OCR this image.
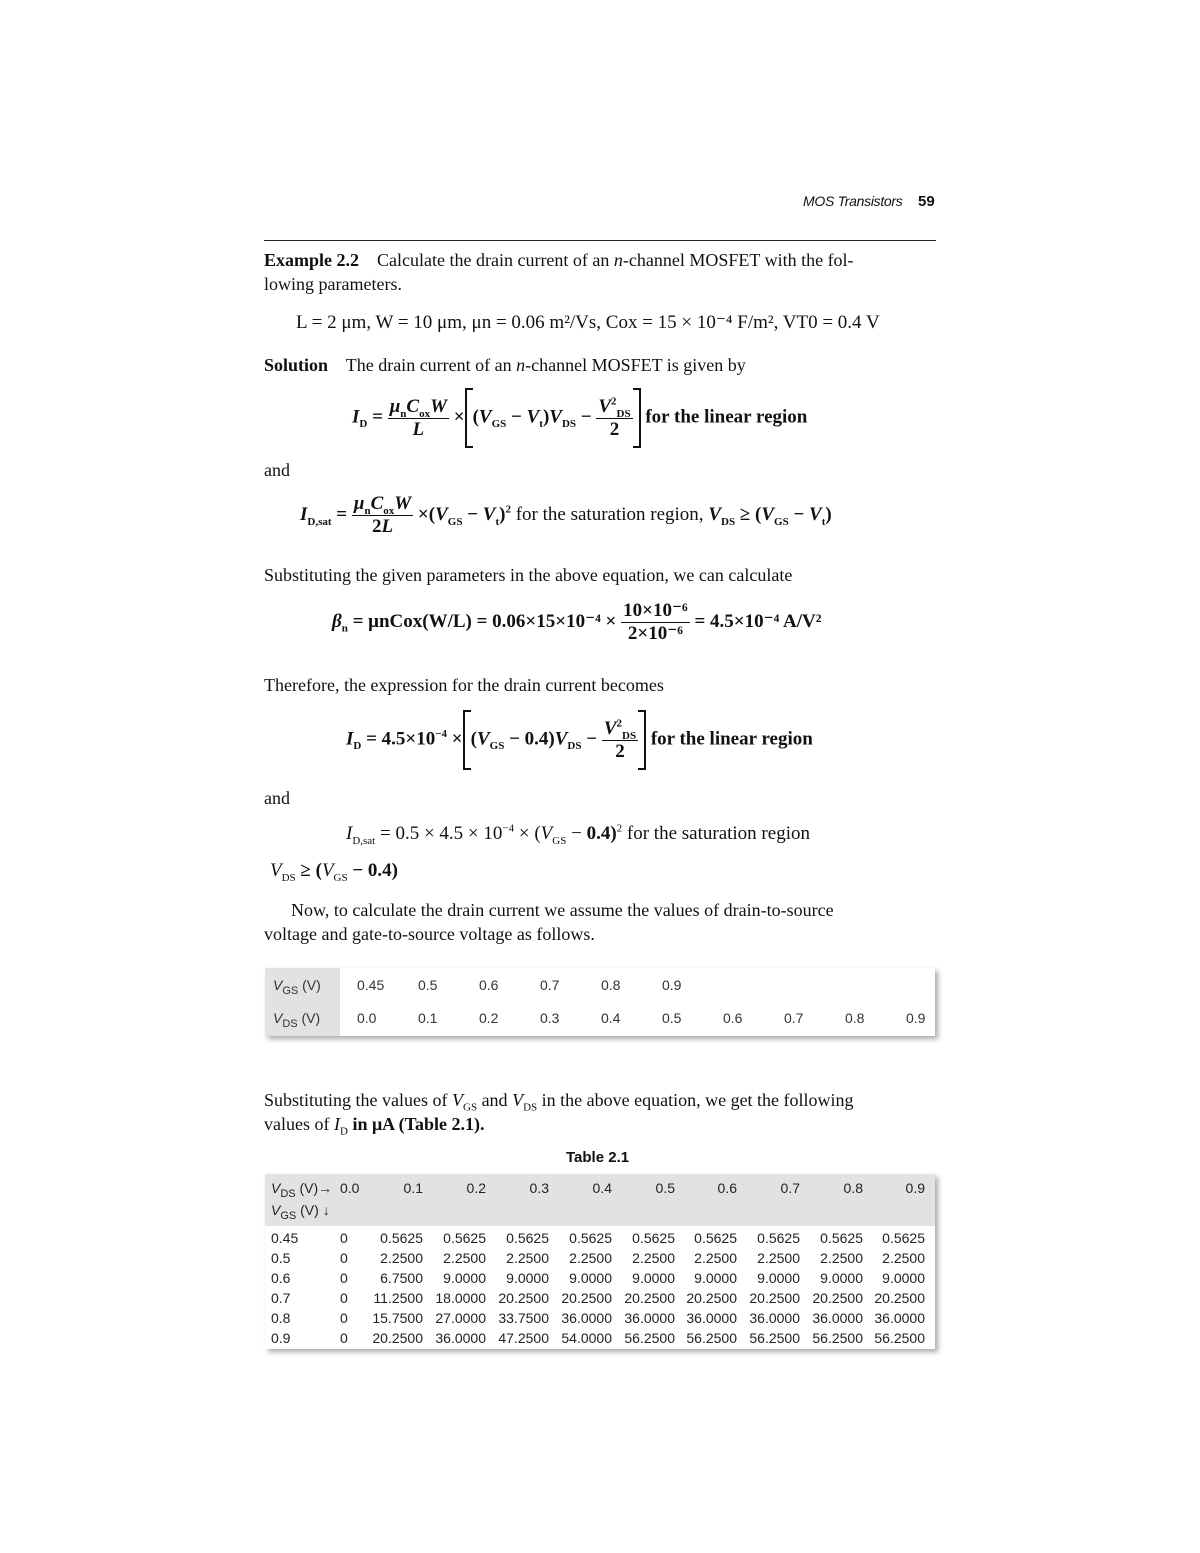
MOS Transistors 59
Example 2.2 Calculate the drain current of an n-channel MOSFET with the fol-
lowing parameters.
L = 2 μm, W = 10 μm, μn = 0.06 m²/Vs, Cox = 15 × 10⁻⁴ F/m², VT0 = 0.4 V
Solution The drain current of an n-channel MOSFET is given by
$I_D = \frac{\mu_nC_{ox}W}{L} \times (V_{GS} - V_t)V_{DS} - \frac{V^2_{DS}}{2}$ for the linear region
and
$I_{D,sat} = \frac{\mu_nC_{ox}W}{2L} \times(V_{GS} - V_t)^2$ for the saturation region, $V_{DS} \ge (V_{GS} - V_t)$
Substituting the given parameters in the above equation, we can calculate
$\beta_n$ = μnCox(W/L) = $0.06\times 15\times 10^{-4} \times \frac{\text{10×10⁻⁶}}{\text{2×10⁻⁶}} = 4.5\times 10^{-4}$ A/V²
Therefore, the expression for the drain current becomes
$I_D = 4.5\times 10^{-4} \times (V_{GS} - 0.4)V_{DS} - \frac{V^2_{DS}}{2}$ for the linear region
and
$I_{D,sat} = 0.5 \times 4.5 \times 10^{-4} \times (V_{GS} - 0.4)^2$ for the saturation region
$V_{DS} \ge (V_{GS} - 0.4)$
Now, to calculate the drain current we assume the values of drain-to-source
voltage and gate-to-source voltage as follows.
$V_{GS}$ (V)
$V_{DS}$ (V)
0.45 0.5	0.6	0.7	0.8	0.9
0.0	0.1	0.2	0.3	0.4	0.5	0.6	0.7	0.8	0.9
Substituting the values of $V_{GS}$ and $V_{DS}$ in the above equation, we get the following
values of $I_D$ in μA (Table 2.1).
Table 2.1
$V_{DS}$ (V)→
$V_{GS}$ (V) ↓
0.0	0.1	0.2	0.3	0.4	0.5	0.6	0.7	0.8	0.9
0.45	0	0.5625	0.5625	0.5625	0.5625	0.5625	0.5625	0.5625	0.5625	0.5625
0.5	0	2.2500	2.2500	2.2500	2.2500	2.2500	2.2500	2.2500	2.2500	2.2500
0.6	0	6.7500	9.0000	9.0000	9.0000	9.0000	9.0000	9.0000	9.0000	9.0000
0.7	0	11.2500 18.0000 20.2500 20.2500 20.2500 20.2500 20.2500 20.2500 20.2500
0.8	0	15.7500 27.0000 33.7500 36.0000 36.0000 36.0000 36.0000 36.0000 36.0000
0.9	0	20.2500 36.0000 47.2500 54.0000 56.2500 56.2500 56.2500 56.2500 56.2500
